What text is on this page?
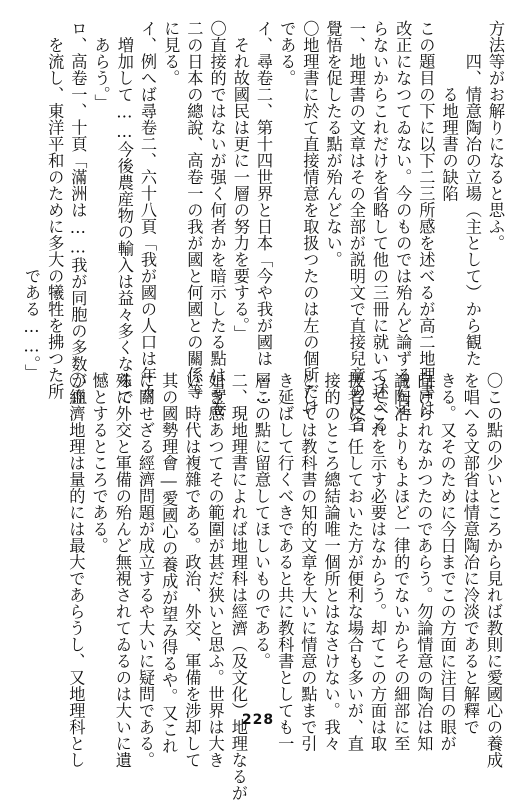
方法等がお解りになると思ふ。
　　四、情意陶冶の立場（主として）から観た
　　　　る地理書の缺陷
この題目の下に以下二三所感を述べるが高二地理書は
改正になつてゐない。今のものでは殆んど論ずるに足
らないからこれだけを省略して他の三冊に就いて述べる
一、地理書の文章はその全部が説明文で直接兒童の反省
覺悟を促したる點が殆んどない。
〇地理書に於て直接情意を取扱つたのは左の個所だけ
である。
イ、尋卷二、第十四世界と日本「今や我が國は……
　それ故國民は更に一層の努力を要する。」
〇直接的ではないが强く何者かを暗示したる點は尋卷
二の日本の總說、高卷一の我が國と何國との關係等
に見る。
イ、例へば尋卷二、六十八頁「我が國の人口は年々
　増加して……今後農産物の輸入は益々多くなるで
　あらう。」
ロ、高卷一、十頁「滿洲は……我が同胞の多数が血
　を流し、東洋平和のために多大の犧牲を拂つた所
　　　　　　　　　　　　　　　である……。」
〇この點の少いところから見れば教則に愛國心の養成
を唱へる文部省は情意陶冶に冷淡であると解釋で
きる。又そのために今日までこの方面に注目の眼が
向けられなかつたのであらう。勿論情意の陶冶は知
識陶冶よりもよほど一律的でないからその細部に至
つてこれを示す必要はなからう。却てこの方面は取
扱者に一任しておいた方が便利な場合も多いが、直
接的のところ總結論唯一個所とはなさけない。我々
としては教科書の知的文章を大いに情意の點まで引
き延ばして行くべきであると共に教科書としても一
層この點に留意してほしいものである。
二、現地理書によれば地理科は經濟（及文化）地理なるが
如き感あつてその範圍が甚だ狭いと思ふ。世界は大き
い。時代は複雜である。政治、外交、軍備を涉却して
其の國勢理會―愛國心の養成が望み得るや。又これ
に關せざる經濟問題が成立するや大いに疑問である。
殊に外交と軍備の殆んど無視されてゐるのは大いに遺
憾とするところである。
〇經濟地理は量的には最大であらうし、又地理科とし	228
